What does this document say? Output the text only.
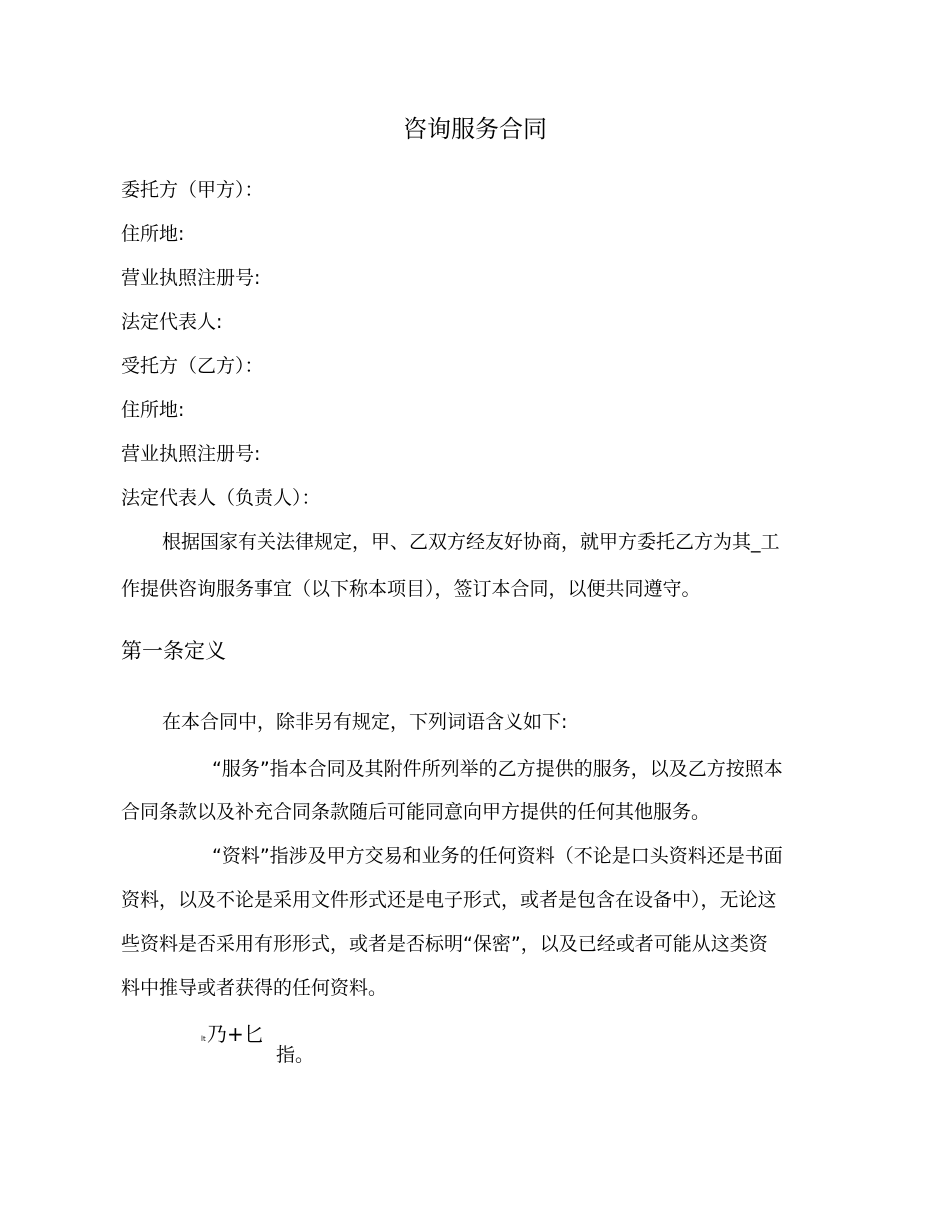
咨询服务合同
委托方（甲方）：
住所地:
营业执照注册号:
法定代表人:
受托方（乙方）：
住所地:
营业执照注册号:
法定代表人（负责人）：
根据国家有关法律规定，甲、乙双方经友好协商，就甲方委托乙方为其_工
作提供咨询服务事宜（以下称本项目），签订本合同，以便共同遵守。
第一条定义
在本合同中，除非另有规定，下列词语含义如下:
“服务”指本合同及其附件所列举的乙方提供的服务，以及乙方按照本
合同条款以及补充合同条款随后可能同意向甲方提供的任何其他服务。
“资料”指涉及甲方交易和业务的任何资料（不论是口头资料还是书面
资料，以及不论是采用文件形式还是电子形式，或者是包含在设备中），无论这
些资料是否采用有形形式，或者是否标明“保密”，以及已经或者可能从这类资
料中推导或者获得的任何资料。
lt 乃+匕
指。
